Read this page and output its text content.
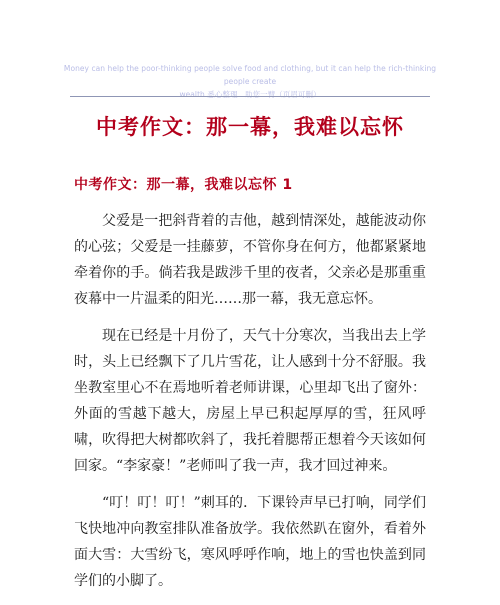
Money can help the poor-thinking people solve food and clothing, but it can help the rich-thinking people create
wealth 悉心整理　助您一臂（页眉可删）
中考作文：那一幕，我难以忘怀
中考作文：那一幕，我难以忘怀 1

父爱是一把斜背着的吉他，越到情深处，越能波动你的心弦；父爱是一挂藤萝，不管你身在何方，他都紧紧地牵着你的手。倘若我是跋涉千里的夜者，父亲必是那重重夜幕中一片温柔的阳光……那一幕，我无意忘怀。

现在已经是十月份了，天气十分寒次，当我出去上学时，头上已经飘下了几片雪花，让人感到十分不舒服。我坐教室里心不在焉地听着老师讲课，心里却飞出了窗外：外面的雪越下越大，房屋上早已积起厚厚的雪，狂风呼啸，吹得把大树都吹斜了，我托着腮帮正想着今天该如何回家。“李家豪！”老师叫了我一声，我才回过神来。

“叮！叮！叮！”刺耳的．下课铃声早已打响，同学们飞快地冲向教室排队准备放学。我依然趴在窗外，看着外面大雪：大雪纷飞，寒风呼呼作响，地上的雪也快盖到同学们的小脚了。
